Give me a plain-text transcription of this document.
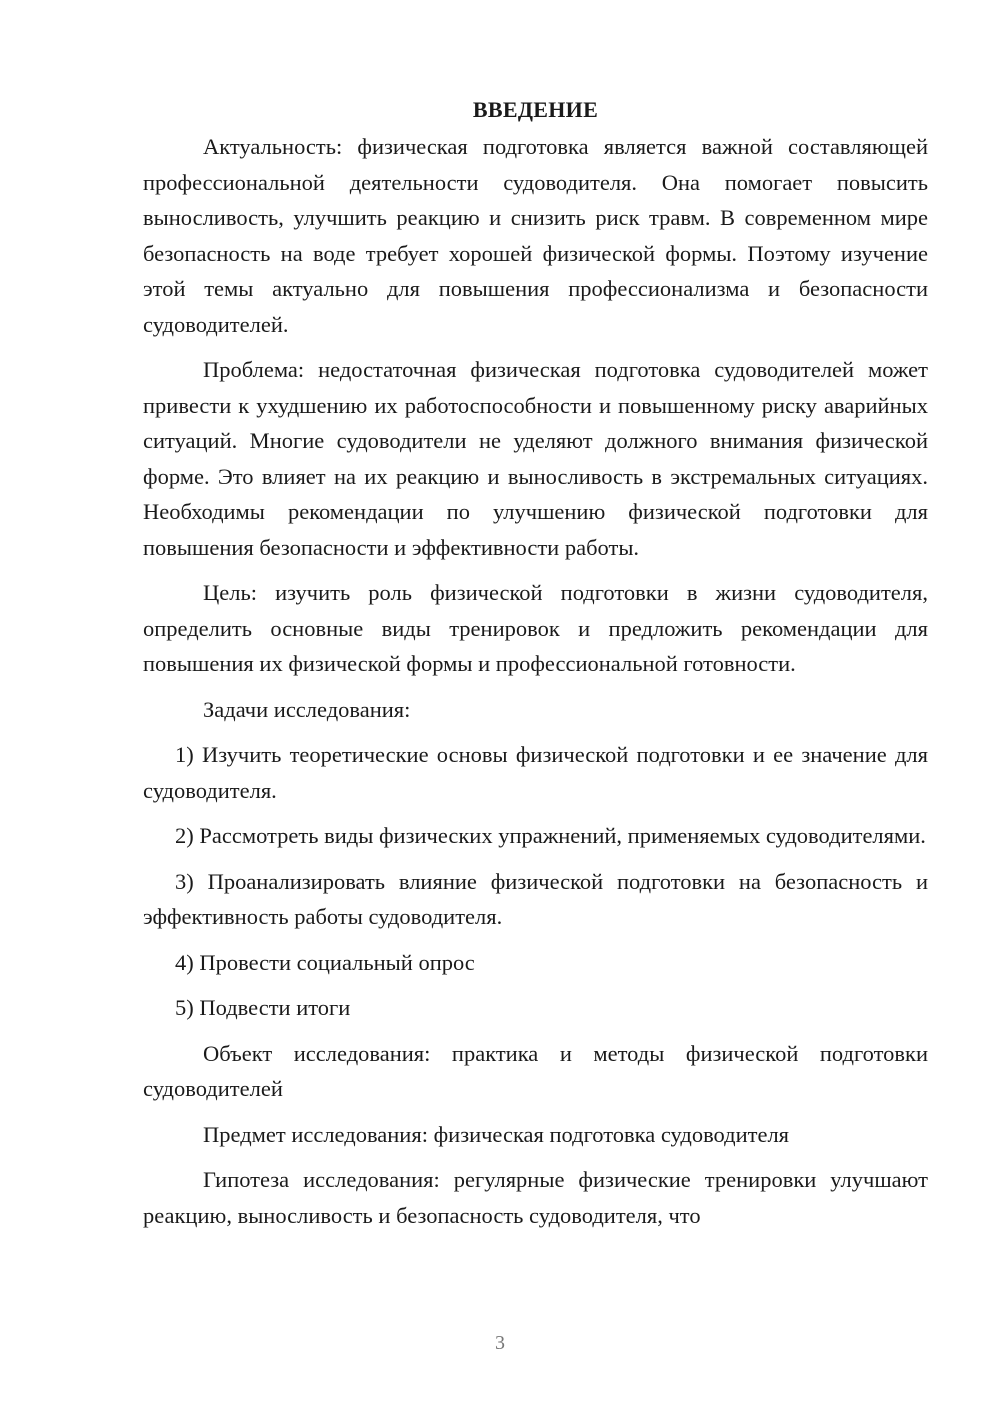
ВВЕДЕНИЕ

Актуальность: физическая подготовка является важной составляющей профессиональной деятельности судоводителя. Она помогает повысить выносливость, улучшить реакцию и снизить риск травм. В современном мире безопасность на воде требует хорошей физической формы. Поэтому изучение этой темы актуально для повышения профессионализма и безопасности судоводителей.

Проблема: недостаточная физическая подготовка судоводителей может привести к ухудшению их работоспособности и повышенному риску аварийных ситуаций. Многие судоводители не уделяют должного внимания физической форме. Это влияет на их реакцию и выносливость в экстремальных ситуациях. Необходимы рекомендации по улучшению физической подготовки для повышения безопасности и эффективности работы.

Цель: изучить роль физической подготовки в жизни судоводителя, определить основные виды тренировок и предложить рекомендации для повышения их физической формы и профессиональной готовности.

Задачи исследования:

1) Изучить теоретические основы физической подготовки и ее значение для судоводителя.

2) Рассмотреть виды физических упражнений, применяемых судоводителями.

3) Проанализировать влияние физической подготовки на безопасность и эффективность работы судоводителя.

4) Провести социальный опрос

5) Подвести итоги

Объект исследования: практика и методы физической подготовки судоводителей

Предмет исследования: физическая подготовка судоводителя

Гипотеза исследования: регулярные физические тренировки улучшают реакцию, выносливость и безопасность судоводителя, что

3
